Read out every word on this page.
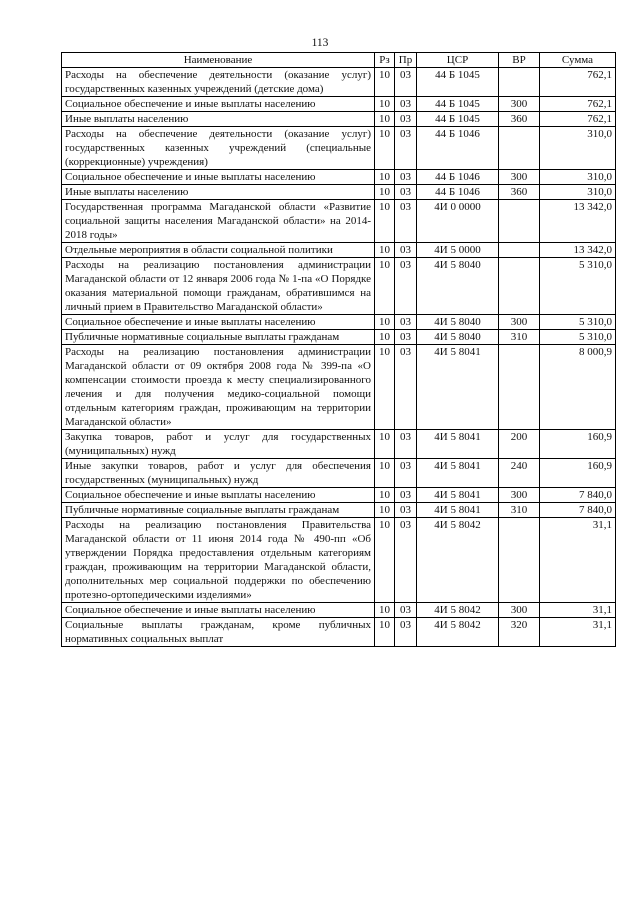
113
Наименование	Рз	Пр	ЦСР	ВР	Сумма
Расходы на обеспечение деятельности (оказание услуг) государственных казенных учреждений (детские дома)	10	03	44 Б 1045		762,1
Социальное обеспечение и иные выплаты населению	10	03	44 Б 1045	300	762,1
Иные выплаты населению	10	03	44 Б 1045	360	762,1
Расходы на обеспечение деятельности (оказание услуг) государственных казенных учреждений (специальные (коррекционные) учреждения)	10	03	44 Б 1046		310,0
Социальное обеспечение и иные выплаты населению	10	03	44 Б 1046	300	310,0
Иные выплаты населению	10	03	44 Б 1046	360	310,0
Государственная программа Магаданской области «Развитие социальной защиты населения Магаданской области» на 2014-2018 годы»	10	03	4И 0 0000		13 342,0
Отдельные мероприятия в области социальной политики	10	03	4И 5 0000		13 342,0
Расходы на реализацию постановления администрации Магаданской области от 12 января 2006 года № 1-па «О Порядке оказания материальной помощи гражданам, обратившимся на личный прием в Правительство Магаданской области»	10	03	4И 5 8040		5 310,0
Социальное обеспечение и иные выплаты населению	10	03	4И 5 8040	300	5 310,0
Публичные нормативные социальные выплаты гражданам	10	03	4И 5 8040	310	5 310,0
Расходы на реализацию постановления администрации Магаданской области от 09 октября 2008 года № 399-па «О компенсации стоимости проезда к месту специализированного лечения и для получения медико-социальной помощи отдельным категориям граждан, проживающим на территории Магаданской области»	10	03	4И 5 8041		8 000,9
Закупка товаров, работ и услуг для государственных (муниципальных) нужд	10	03	4И 5 8041	200	160,9
Иные закупки товаров, работ и услуг для обеспечения государственных (муниципальных) нужд	10	03	4И 5 8041	240	160,9
Социальное обеспечение и иные выплаты населению	10	03	4И 5 8041	300	7 840,0
Публичные нормативные социальные выплаты гражданам	10	03	4И 5 8041	310	7 840,0
Расходы на реализацию постановления Правительства Магаданской области от 11 июня 2014 года № 490-пп «Об утверждении Порядка предоставления отдельным категориям граждан, проживающим на территории Магаданской области, дополнительных мер социальной поддержки по обеспечению протезно-ортопедическими изделиями»	10	03	4И 5 8042		31,1
Социальное обеспечение и иные выплаты населению	10	03	4И 5 8042	300	31,1
Социальные выплаты гражданам, кроме публичных нормативных социальных выплат	10	03	4И 5 8042	320	31,1
